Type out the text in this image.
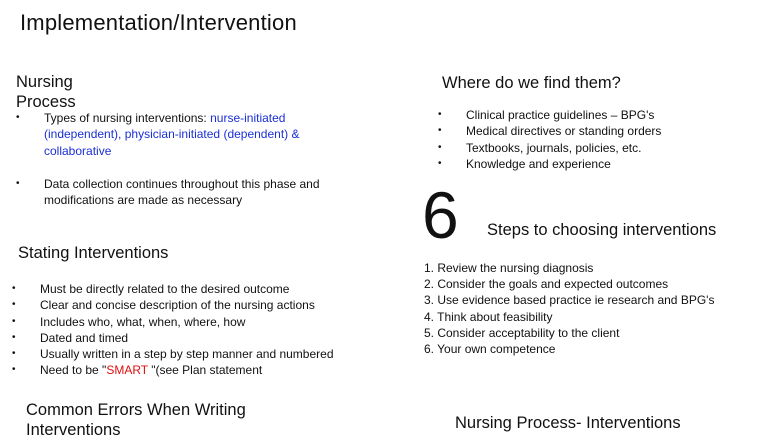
Implementation/Intervention
Nursing
Process
• Types of nursing interventions: nurse-initiated (independent), physician-initiated (dependent) & collaborative
• Data collection continues throughout this phase and modifications are made as necessary
Stating Interventions
• Must be directly related to the desired outcome
• Clear and concise description of the nursing actions
• Includes who, what, when, where, how
• Dated and timed
• Usually written in a step by step manner and numbered
• Need to be "SMART "(see Plan statement
Common Errors When Writing
Interventions
Where do we find them?
• Clinical practice guidelines – BPG's
• Medical directives or standing orders
• Textbooks, journals, policies, etc.
• Knowledge and experience
6 Steps to choosing interventions
1. Review the nursing diagnosis
2. Consider the goals and expected outcomes
3. Use evidence based practice ie research and BPG's
4. Think about feasibility
5. Consider acceptability to the client
6. Your own competence
Nursing Process- Interventions
